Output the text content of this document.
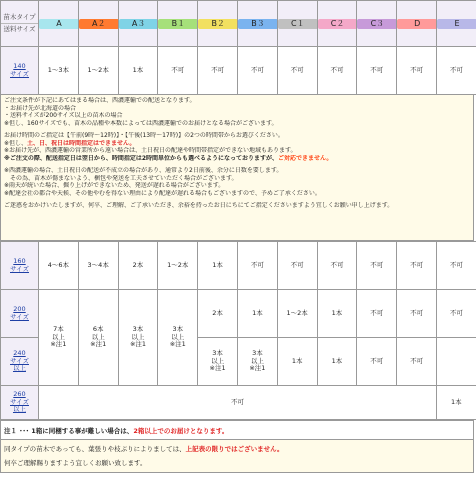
苗木タイプ
送料サイズ	A	A２	A３	B１	B２	B３	C１	C２	C３	D	E

140
サイズ	1〜3本	1〜2本	1本	不可	不可	不可	不可	不可	不可	不可	不可

ご注文条件が下記にあてはまる場合は、西濃運輸での配送となります。

・お届け先が北海道の場合

・送料サイズが200サイズ以上の苗木の場合

※但し、160サイズでも、苗木の品種や本数によっては西濃運輸でのお届けとなる場合がございます。

お届け時間のご指定は【午前(9時〜12時)】・【午後(13時〜17時)】の2つの時間帯からお選びください。

※但し、土、日、祝日は時間指定はできません。

※お届け先が、西濃運輸の営業所から遠い場合は、土日祝日の配達や時間帯指定ができない地域もあります。

※ご注文の際、配送指定日は翌日から、時間指定は2時間単位からも選べるようになっておりますが、ご対応できません。

※西濃運輸の場合、土日祝日の配送が不成立の場合があり、通常より2日前後、余分に日数を要します。

　その為、苗木が傷まないよう、梱包や発送を工夫させていただく場合がございます。

※雨天が続いた場合、掘り上げができないため、発送が遅れる場合がございます。

※配達会社の都合や天候、その他やむを得ない理由により配達が遅れる場合もございますので、予めご了承ください。

ご迷惑をおかけいたしますが、何卒、ご理解、ご了承いただき、余裕を持ったお日にちにてご指定くださいますよう宜しくお願い申し上げます。

160
サイズ	4〜6本	3〜4本	2本	1〜2本	1本	不可	不可	不可	不可	不可	不可
200
サイズ	7本
以上
※注1	6本
以上
※注1	3本
以上
※注1	3本
以上
※注1	2本	1本	1〜2本	1本	不可	不可	不可
240
サイズ
以上					3本
以上
※注1	3本
以上
※注1	1本	1本	不可	不可	
260
サイズ
以上	不可										1本

注１ ･･･ 1箱に同梱する事が難しい場合は、2箱以上でのお届けとなります。

同タイプの苗木であっても、葉張りや枝ぶりによりましては、上記表の限りではございません。

何卒ご理解賜りますよう宜しくお願い致します。
